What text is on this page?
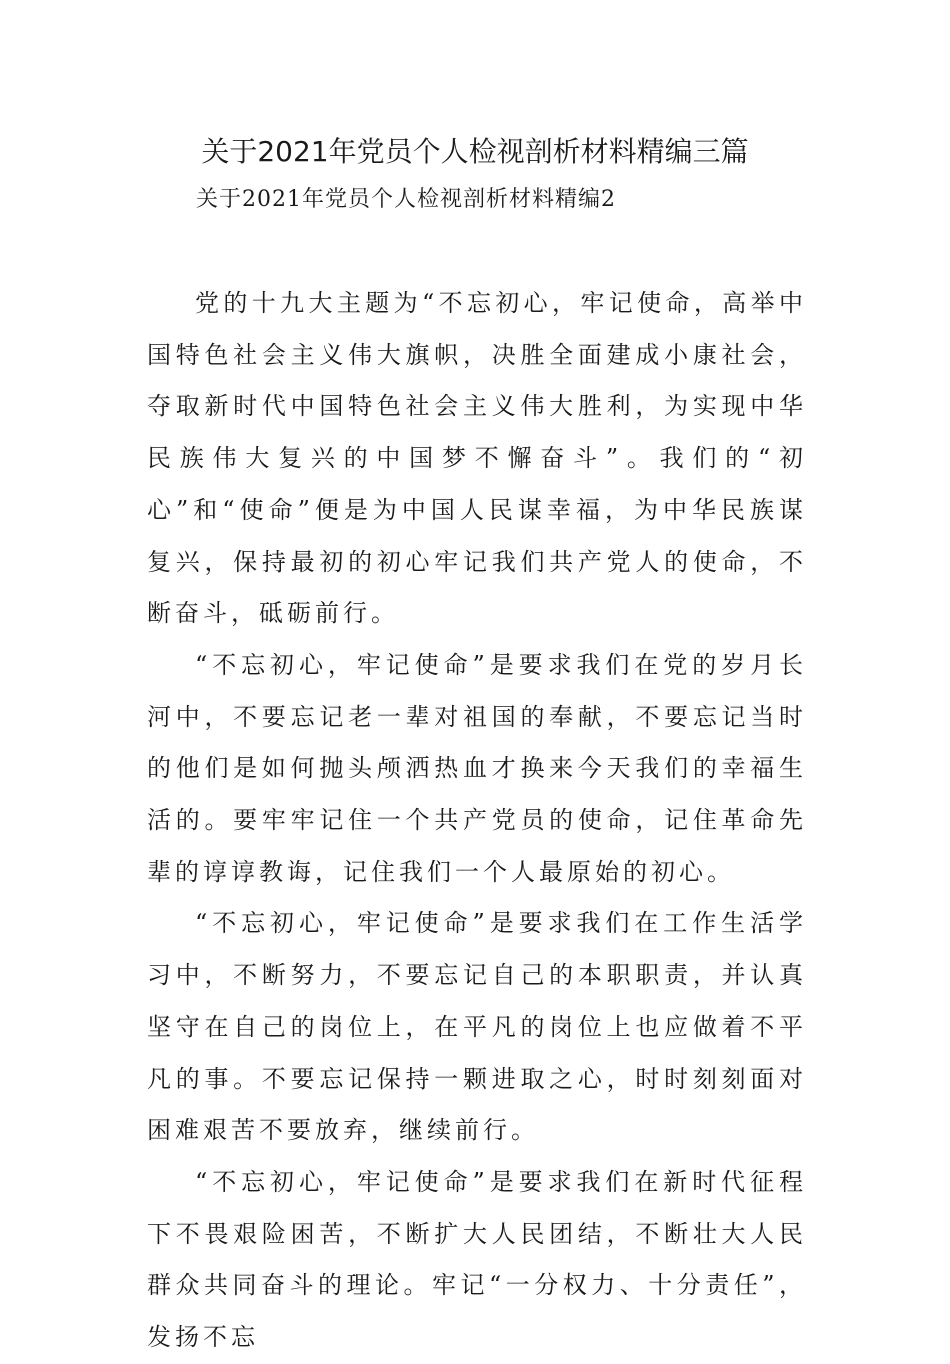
关于2021年党员个人检视剖析材料精编三篇

关于2021年党员个人检视剖析材料精编2

党的十九大主题为“不忘初心，牢记使命，高举中国特色社会主义伟大旗帜，决胜全面建成小康社会，夺取新时代中国特色社会主义伟大胜利，为实现中华民族伟大复兴的中国梦不懈奋斗”。我们的“初心”和“使命”便是为中国人民谋幸福，为中华民族谋复兴，保持最初的初心牢记我们共产党人的使命，不断奋斗，砥砺前行。

“不忘初心，牢记使命”是要求我们在党的岁月长河中，不要忘记老一辈对祖国的奉献，不要忘记当时的他们是如何抛头颅洒热血才换来今天我们的幸福生活的。要牢牢记住一个共产党员的使命，记住革命先辈的谆谆教诲，记住我们一个人最原始的初心。

“不忘初心，牢记使命”是要求我们在工作生活学习中，不断努力，不要忘记自己的本职职责，并认真坚守在自己的岗位上，在平凡的岗位上也应做着不平凡的事。不要忘记保持一颗进取之心，时时刻刻面对困难艰苦不要放弃，继续前行。

“不忘初心，牢记使命”是要求我们在新时代征程下不畏艰险困苦，不断扩大人民团结，不断壮大人民群众共同奋斗的理论。牢记“一分权力、十分责任”，发扬不忘
